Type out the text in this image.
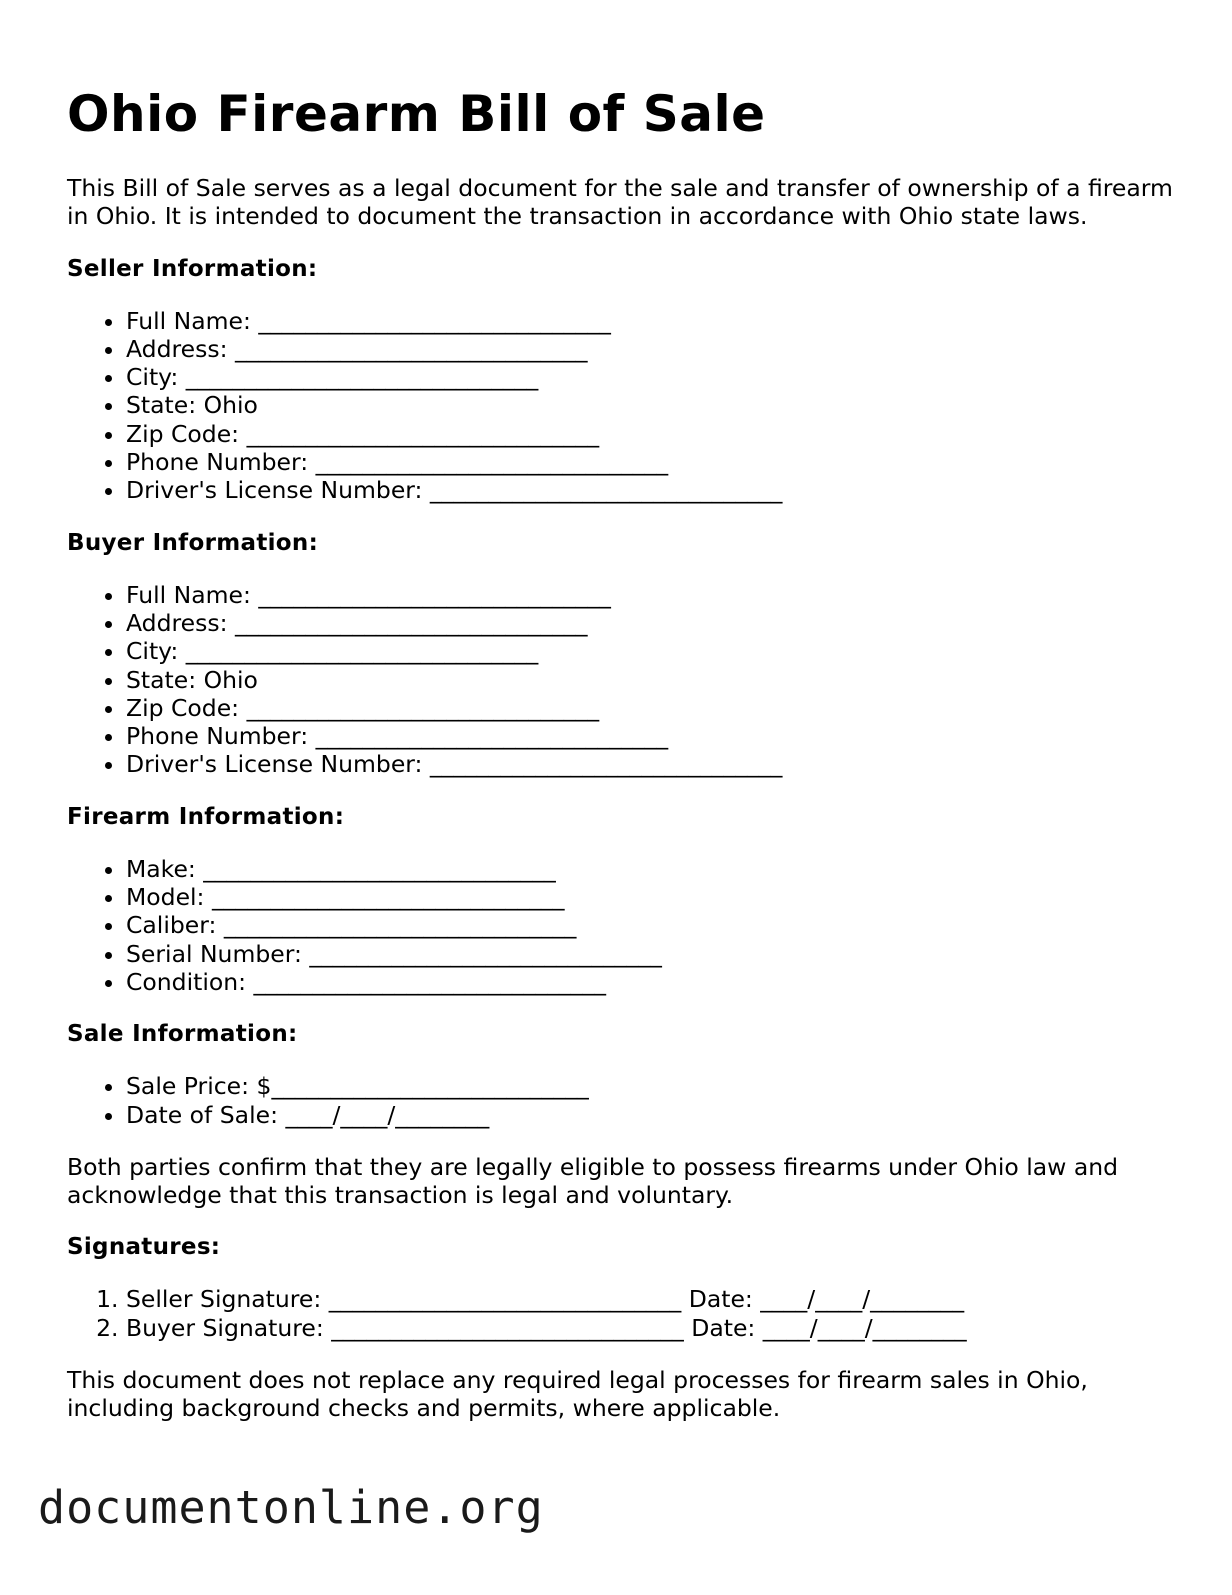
Ohio Firearm Bill of Sale

This Bill of Sale serves as a legal document for the sale and transfer of ownership of a firearm in Ohio. It is intended to document the transaction in accordance with Ohio state laws.

Seller Information:
• Full Name: ______________________________
• Address: ______________________________
• City: ______________________________
• State: Ohio
• Zip Code: ______________________________
• Phone Number: ______________________________
• Driver's License Number: ______________________________
Buyer Information:
• Full Name: ______________________________
• Address: ______________________________
• City: ______________________________
• State: Ohio
• Zip Code: ______________________________
• Phone Number: ______________________________
• Driver's License Number: ______________________________
Firearm Information:
• Make: ______________________________
• Model: ______________________________
• Caliber: ______________________________
• Serial Number: ______________________________
• Condition: ______________________________
Sale Information:
• Sale Price: $___________________________
• Date of Sale: ____/____/________

Both parties confirm that they are legally eligible to possess firearms under Ohio law and acknowledge that this transaction is legal and voluntary.

Signatures:
1. Seller Signature: ______________________________ Date: ____/____/________
2. Buyer Signature: ______________________________ Date: ____/____/________

This document does not replace any required legal processes for firearm sales in Ohio, including background checks and permits, where applicable.

documentonline.org
